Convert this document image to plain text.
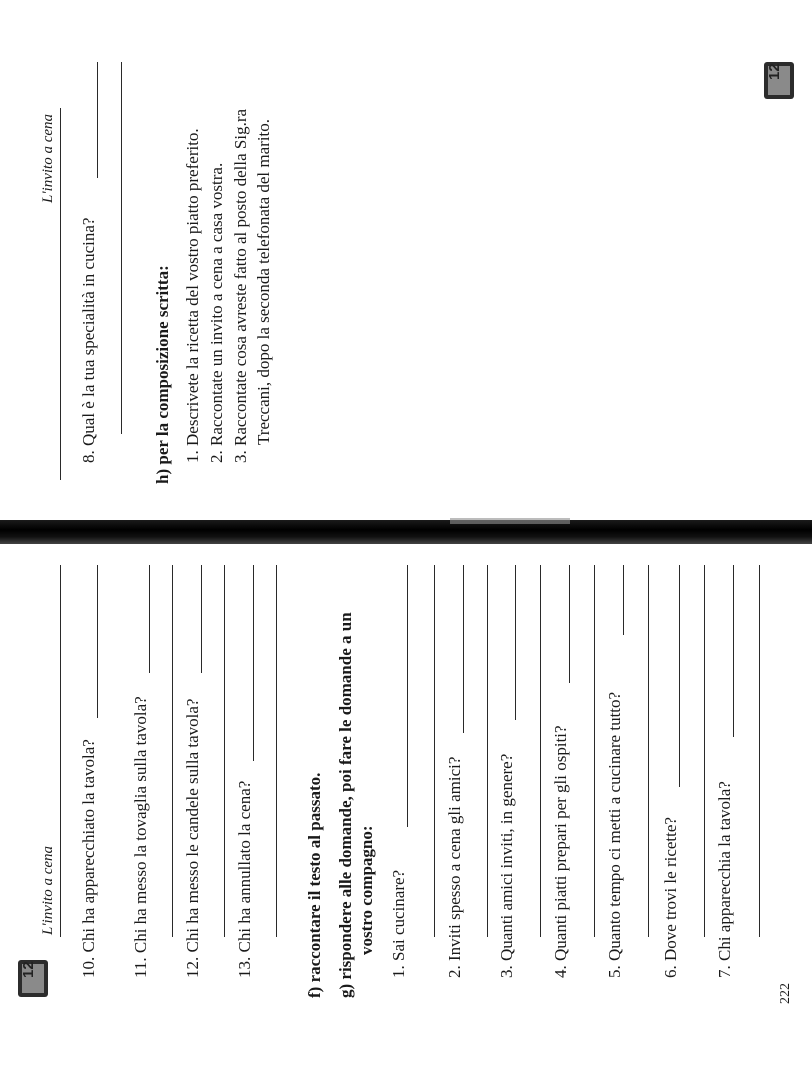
12
L'invito a cena 10. Chi ha apparecchiato la tavola? 11. Chi ha messo la tovaglia sulla tavola? 12. Chi ha messo le candele sulla tavola? 13. Chi ha annullato la cena?	f) raccontare il testo al passato. g) rispondere alle domande, poi fare le domande a un vostro compagno: 1. Sai cucinare? 2. Inviti spesso a cena gli amici? 3. Quanti amici inviti, in genere? 4. Quanti piatti prepari per gli ospiti? 5. Quanto tempo ci metti a cucinare tutto? 6. Dove trovi le ricette? 7. Chi apparecchia la tavola?
222
12
L'invito a cena
8. Qual è la tua specialità in cucina?	h) per la composizione scritta: 1. Descrivete la ricetta del vostro piatto preferito. 2. Raccontate un invito a cena a casa vostra. 3. Raccontate cosa avreste fatto al posto della Sig.ra Treccani, dopo la seconda telefonata del marito.
